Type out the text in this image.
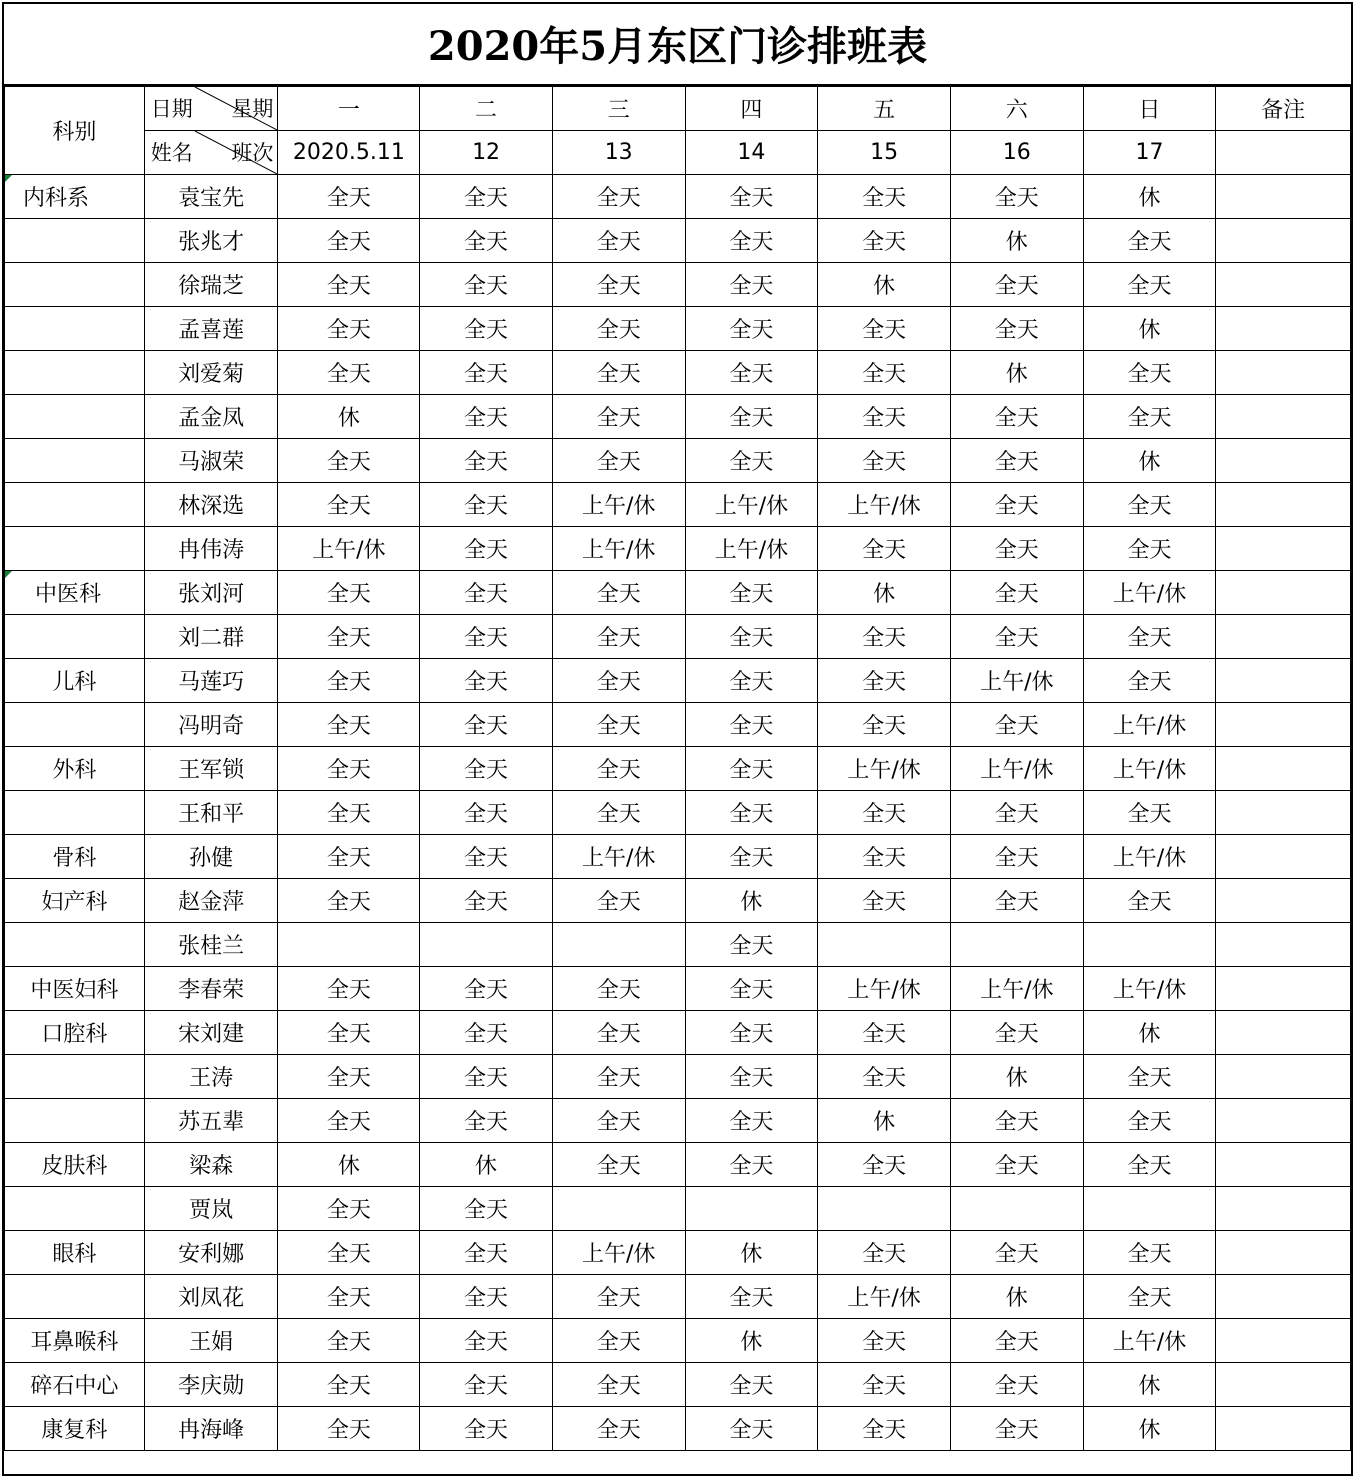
2020年5月东区门诊排班表
科别	日期 星期	一	二	三	四	五	六	日	备注

	姓名 班次	2020.5.11	12	13	14	15	16	17	
内科系	袁宝先	全天	全天	全天	全天	全天	全天	休	
	张兆才	全天	全天	全天	全天	全天	休	全天	
	徐瑞芝	全天	全天	全天	全天	休	全天	全天	
	孟喜莲	全天	全天	全天	全天	全天	全天	休	
	刘爱菊	全天	全天	全天	全天	全天	休	全天	
	孟金凤	休	全天	全天	全天	全天	全天	全天	
	马淑荣	全天	全天	全天	全天	全天	全天	休	
	林深选	全天	全天	上午/休	上午/休	上午/休	全天	全天	
	冉伟涛	上午/休	全天	上午/休	上午/休	全天	全天	全天	
中医科	张刘河	全天	全天	全天	全天	休	全天	上午/休	
	刘二群	全天	全天	全天	全天	全天	全天	全天	
儿科	马莲巧	全天	全天	全天	全天	全天	上午/休	全天	
	冯明奇	全天	全天	全天	全天	全天	全天	上午/休	
外科	王军锁	全天	全天	全天	全天	上午/休	上午/休	上午/休	
	王和平	全天	全天	全天	全天	全天	全天	全天	
骨科	孙健	全天	全天	上午/休	全天	全天	全天	上午/休	
妇产科	赵金萍	全天	全天	全天	休	全天	全天	全天	
	张桂兰				全天				
中医妇科	李春荣	全天	全天	全天	全天	上午/休	上午/休	上午/休	
口腔科	宋刘建	全天	全天	全天	全天	全天	全天	休	
	王涛	全天	全天	全天	全天	全天	休	全天	
	苏五辈	全天	全天	全天	全天	休	全天	全天	
皮肤科	梁森	休	休	全天	全天	全天	全天	全天	
	贾岚	全天	全天						
眼科	安利娜	全天	全天	上午/休	休	全天	全天	全天	
	刘凤花	全天	全天	全天	全天	上午/休	休	全天	
耳鼻喉科	王娟	全天	全天	全天	休	全天	全天	上午/休	
碎石中心	李庆勋	全天	全天	全天	全天	全天	全天	休	
康复科	冉海峰	全天	全天	全天	全天	全天	全天	休	
